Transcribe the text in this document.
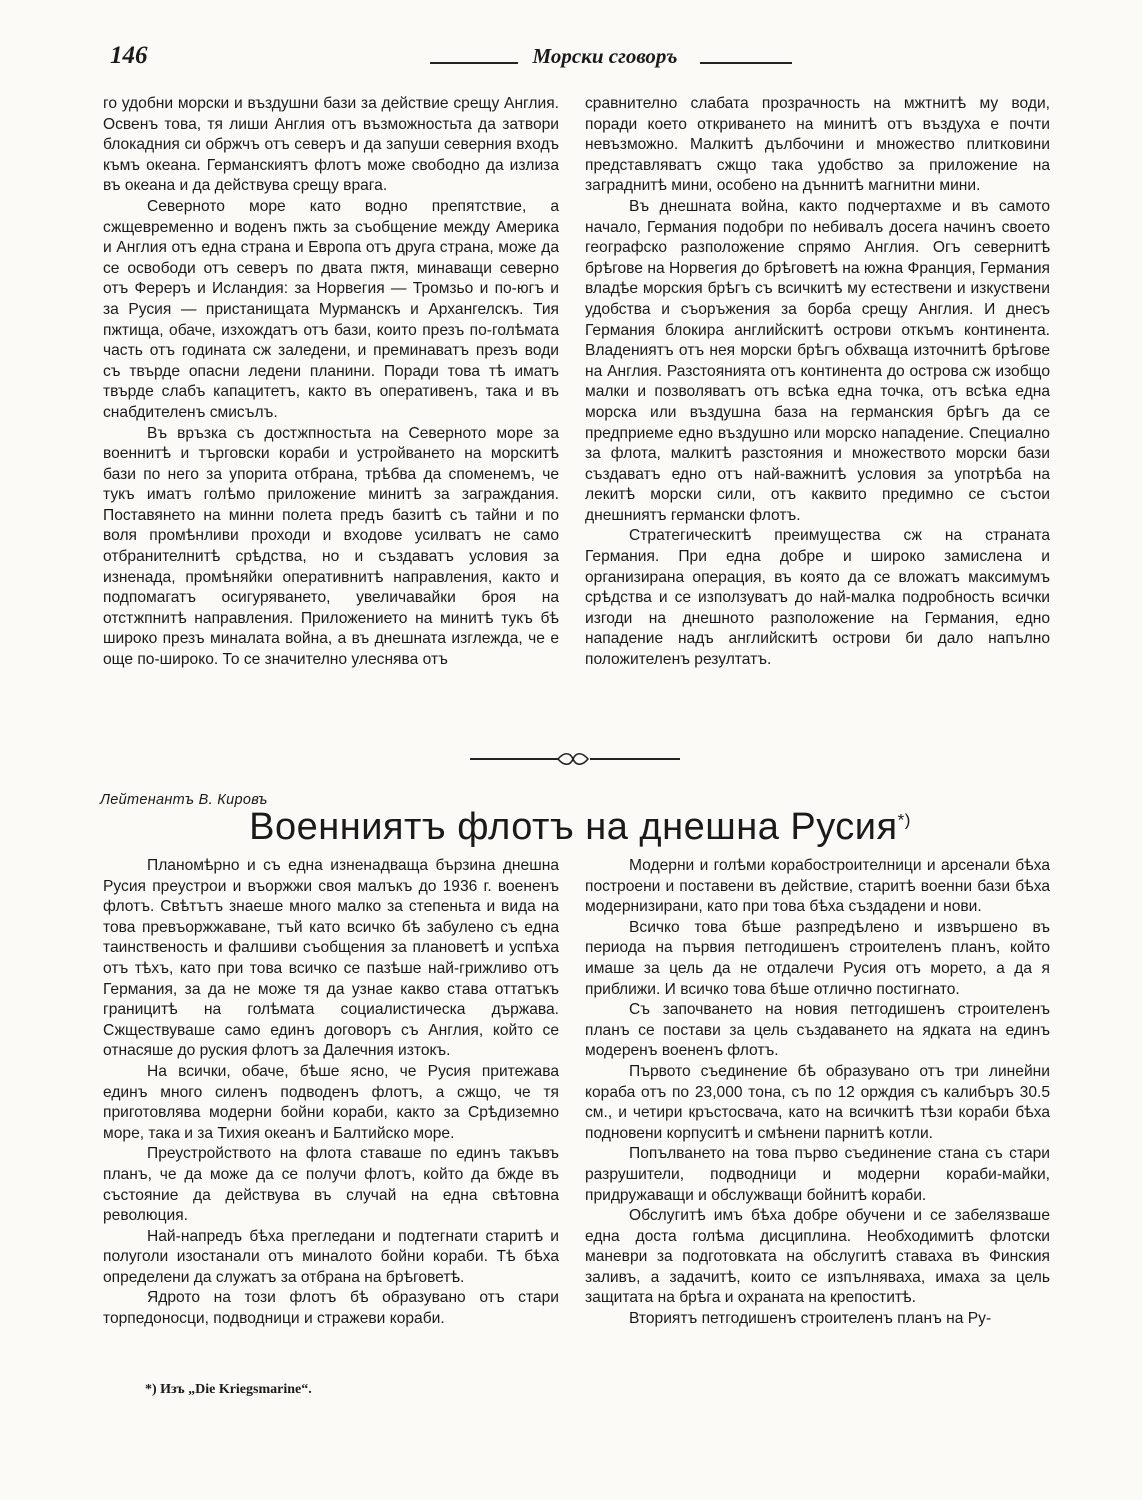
146	Морски сговоръ

го удобни морски и въздушни бази за действие срещу Англия. Освенъ това, тя лиши Англия отъ възможностьта да затвори блокадния си обржчъ отъ северъ и да запуши северния входъ къмъ океана. Германскиятъ флотъ може свободно да излиза въ океана и да действува срещу врага.

Северното море като водно препятствие, а сжщевременно и воденъ пжть за съобщение между Америка и Англия отъ една страна и Европа отъ друга страна, може да се освободи отъ северъ по двата пжтя, минаващи северно отъ Фереръ и Исландия: за Норвегия — Тромзьо и по-югъ и за Русия — пристанищата Мурманскъ и Архангелскъ. Тия пжтища, обаче, изхождатъ отъ бази, които презъ по-голѣмата часть отъ годината сж заледени, и преминаватъ презъ води съ твърде опасни ледени планини. Поради това тѣ иматъ твърде слабъ капацитетъ, както въ оперативенъ, така и въ снабдителенъ смисълъ.

Въ връзка съ достжпностьта на Северното море за военнитѣ и търговски кораби и устройването на морскитѣ бази по него за упорита отбрана, трѣбва да споменемъ, че тукъ иматъ голѣмо приложение минитѣ за заграждания. Поставянето на минни полета предъ базитѣ съ тайни и по воля промѣнливи проходи и входове усилватъ не само отбранителнитѣ срѣдства, но и създаватъ условия за изненада, промѣняйки оперативнитѣ направления, както и подпомагатъ осигуряването, увеличавайки броя на отстжпнитѣ направления. Приложението на минитѣ тукъ бѣ широко презъ миналата война, а въ днешната изглежда, че е още по-широко. То се значително улеснява отъ

сравнително слабата прозрачность на мжтнитѣ му води, поради което откриването на минитѣ отъ въздуха е почти невъзможно. Малкитѣ дълбочини и множество плитковини представляватъ сжщо така удобство за приложение на заграднитѣ мини, особено на дъннитѣ магнитни мини.

Въ днешната война, както подчертахме и въ самото начало, Германия подобри по небивалъ досега начинъ своето географско разположение спрямо Англия. Огъ севернитѣ брѣгове на Норвегия до брѣговетѣ на южна Франция, Германия владѣе морския брѣгъ съ всичкитѣ му естествени и изкуствени удобства и съоръжения за борба срещу Англия. И днесъ Германия блокира английскитѣ острови откъмъ континента. Владениятъ отъ нея морски брѣгъ обхваща източнитѣ брѣгове на Англия. Разстоянията отъ континента до острова сж изобщо малки и позволяватъ отъ всѣка една точка, отъ всѣка една морска или въздушна база на германския брѣгъ да се предприеме едно въздушно или морско нападение. Специално за флота, малкитѣ разстояния и множеството морски бази създаватъ едно отъ най-важнитѣ условия за употрѣба на лекитѣ морски сили, отъ каквито предимно се състои днешниятъ германски флотъ.

Стратегическитѣ преимущества сж на страната Германия. При една добре и широко замислена и организирана операция, въ която да се вложатъ максимумъ срѣдства и се използуватъ до най-малка подробность всички изгоди на днешното разположение на Германия, едно нападение надъ английскитѣ острови би дало напълно положителенъ резултатъ.

Лейтенантъ В. Кировъ
Военниятъ флотъ на днешна Русия*)

Планомѣрно и съ една изненадваща бързина днешна Русия преустрои и въоржжи своя малъкъ до 1936 г. воененъ флотъ. Свѣтътъ знаеше много малко за степеньта и вида на това превъоржжаване, тъй като всичко бѣ забулено съ една таинственость и фалшиви съобщения за плановетѣ и успѣха отъ тѣхъ, като при това всичко се пазѣше най-грижливо отъ Германия, за да не може тя да узнае какво става оттатъкъ границитѣ на голѣмата социалистическа държава. Сжществуваше само единъ договоръ съ Англия, който се отнасяше до руския флотъ за Далечния изтокъ.

На всички, обаче, бѣше ясно, че Русия притежава единъ много силенъ подводенъ флотъ, а сжщо, че тя приготовлява модерни бойни кораби, както за Срѣдиземно море, така и за Тихия океанъ и Балтийско море.

Преустройството на флота ставаше по единъ такъвъ планъ, че да може да се получи флотъ, който да бжде въ състояние да действува въ случай на една свѣтовна революция.

Най-напредъ бѣха прегледани и подтегнати старитѣ и полуголи изостанали отъ миналото бойни кораби. Тѣ бѣха определени да служатъ за отбрана на брѣговетѣ.

Ядрото на този флотъ бѣ образувано отъ стари торпедоносци, подводници и стражеви кораби.

Модерни и голѣми корабостроителници и арсенали бѣха построени и поставени въ действие, старитѣ военни бази бѣха модернизирани, като при това бѣха създадени и нови.

Всичко това бѣше разпредѣлено и извършено въ периода на първия петгодишенъ строителенъ планъ, който имаше за цель да не отдалечи Русия отъ морето, а да я приближи. И всичко това бѣше отлично постигнато.

Съ започването на новия петгодишенъ строителенъ планъ се постави за цель създаването на ядката на единъ модеренъ воененъ флотъ.

Първото съединение бѣ образувано отъ три линейни кораба отъ по 23,000 тона, съ по 12 орждия съ калибъръ 30.5 см., и четири кръстосвача, като на всичкитѣ тѣзи кораби бѣха подновени корпуситѣ и смѣнени парнитѣ котли.

Попълването на това първо съединение стана съ стари разрушители, подводници и модерни кораби-майки, придружаващи и обслужващи бойнитѣ кораби.

Обслугитѣ имъ бѣха добре обучени и се забелязваше една доста голѣма дисциплина. Необходимитѣ флотски маневри за подготовката на обслугитѣ ставаха въ Финския заливъ, а задачитѣ, които се изпълняваха, имаха за цель защитата на брѣга и охраната на крепоститѣ.

Вториятъ петгодишенъ строителенъ планъ на Ру-

*) Изъ „Die Kriegsmarine“.
